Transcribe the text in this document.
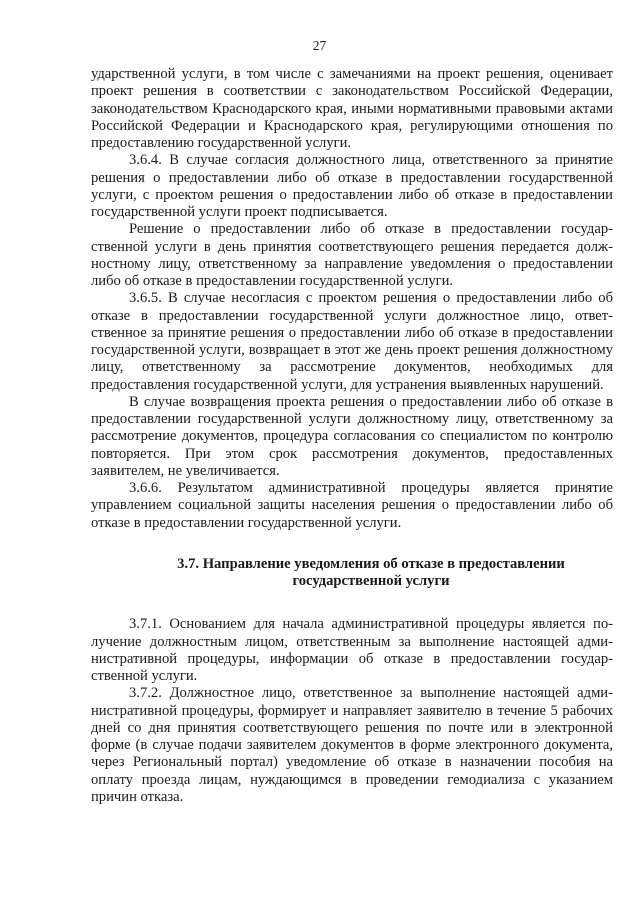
27

ударственной услуги, в том числе с замечаниями на проект решения, оценивает проект решения в соответствии с законодательством Российской Федерации, законодательством Краснодарского края, иными нормативными правовыми актами Российской Федерации и Краснодарского края, регулирующими отношения по предоставлению государственной услуги.

3.6.4. В случае согласия должностного лица, ответственного за принятие решения о предоставлении либо об отказе в предоставлении государственной услуги, с проектом решения о предоставлении либо об отказе в предоставлении государственной услуги проект подписывается.

Решение о предоставлении либо об отказе в предоставлении государственной услуги в день принятия соответствующего решения передается должностному лицу, ответственному за направление уведомления о предоставлении либо об отказе в предоставлении государственной услуги.

3.6.5. В случае несогласия с проектом решения о предоставлении либо об отказе в предоставлении государственной услуги должностное лицо, ответственное за принятие решения о предоставлении либо об отказе в предоставлении государственной услуги, возвращает в этот же день проект решения должностному лицу, ответственному за рассмотрение документов, необходимых для предоставления государственной услуги, для устранения выявленных нарушений.

В случае возвращения проекта решения о предоставлении либо об отказе в предоставлении государственной услуги должностному лицу, ответственному за рассмотрение документов, процедура согласования со специалистом по контролю повторяется. При этом срок рассмотрения документов, предоставленных заявителем, не увеличивается.

3.6.6. Результатом административной процедуры является принятие управлением социальной защиты населения решения о предоставлении либо об отказе в предоставлении государственной услуги.

3.7. Направление уведомления об отказе в предоставлении
государственной услуги

3.7.1. Основанием для начала административной процедуры является получение должностным лицом, ответственным за выполнение настоящей административной процедуры, информации об отказе в предоставлении государственной услуги.

3.7.2. Должностное лицо, ответственное за выполнение настоящей административной процедуры, формирует и направляет заявителю в течение 5 рабочих дней со дня принятия соответствующего решения по почте или в электронной форме (в случае подачи заявителем документов в форме электронного документа, через Региональный портал) уведомление об отказе в назначении пособия на оплату проезда лицам, нуждающимся в проведении гемодиализа с указанием причин отказа.
